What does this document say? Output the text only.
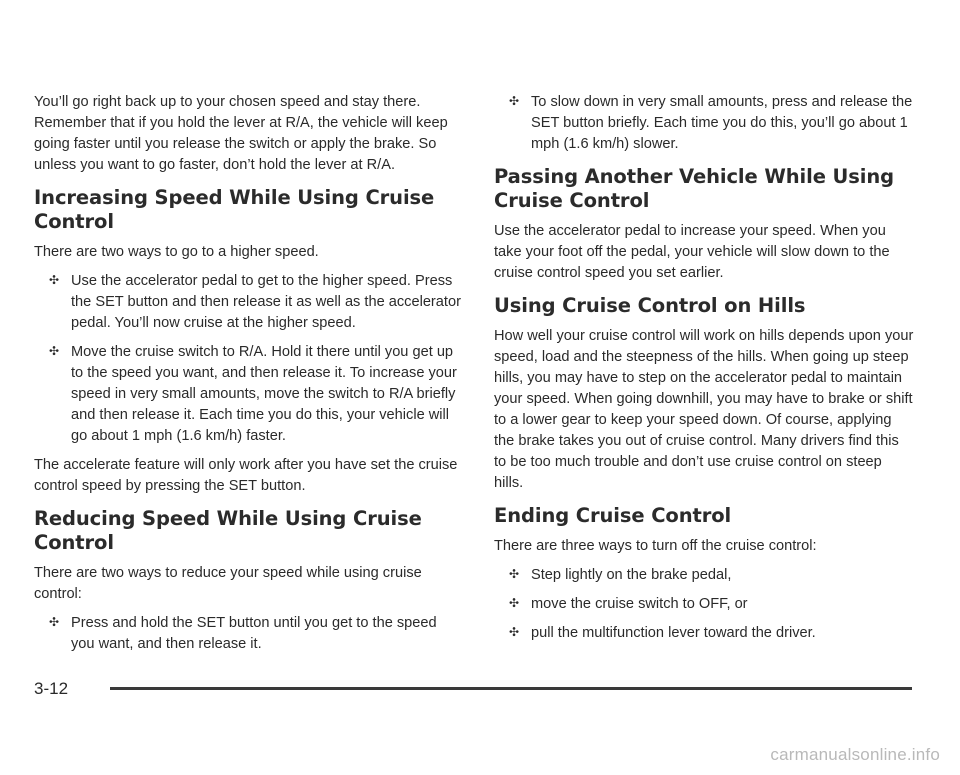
You’ll go right back up to your chosen speed and stay there. Remember that if you hold the lever at R/A, the vehicle will keep going faster until you release the switch or apply the brake. So unless you want to go faster, don’t hold the lever at R/A.

Increasing Speed While Using Cruise Control

There are two ways to go to a higher speed.

✣ Use the accelerator pedal to get to the higher speed. Press the SET button and then release it as well as the accelerator pedal. You’ll now cruise at the higher speed.
✣ Move the cruise switch to R/A. Hold it there until you get up to the speed you want, and then release it. To increase your speed in very small amounts, move the switch to R/A briefly and then release it. Each time you do this, your vehicle will go about 1 mph (1.6 km/h) faster.

The accelerate feature will only work after you have set the cruise control speed by pressing the SET button.

Reducing Speed While Using Cruise Control

There are two ways to reduce your speed while using cruise control:

✣ Press and hold the SET button until you get to the speed you want, and then release it.
✣ To slow down in very small amounts, press and release the SET button briefly. Each time you do this, you’ll go about 1 mph (1.6 km/h) slower.
Passing Another Vehicle While Using Cruise Control

Use the accelerator pedal to increase your speed. When you take your foot off the pedal, your vehicle will slow down to the cruise control speed you set earlier.

Using Cruise Control on Hills

How well your cruise control will work on hills depends upon your speed, load and the steepness of the hills. When going up steep hills, you may have to step on the accelerator pedal to maintain your speed. When going downhill, you may have to brake or shift to a lower gear to keep your speed down. Of course, applying the brake takes you out of cruise control. Many drivers find this to be too much trouble and don’t use cruise control on steep hills.

Ending Cruise Control

There are three ways to turn off the cruise control:

✣ Step lightly on the brake pedal,
✣ move the cruise switch to OFF, or
✣ pull the multifunction lever toward the driver.
3-12
carmanualsonline.info
